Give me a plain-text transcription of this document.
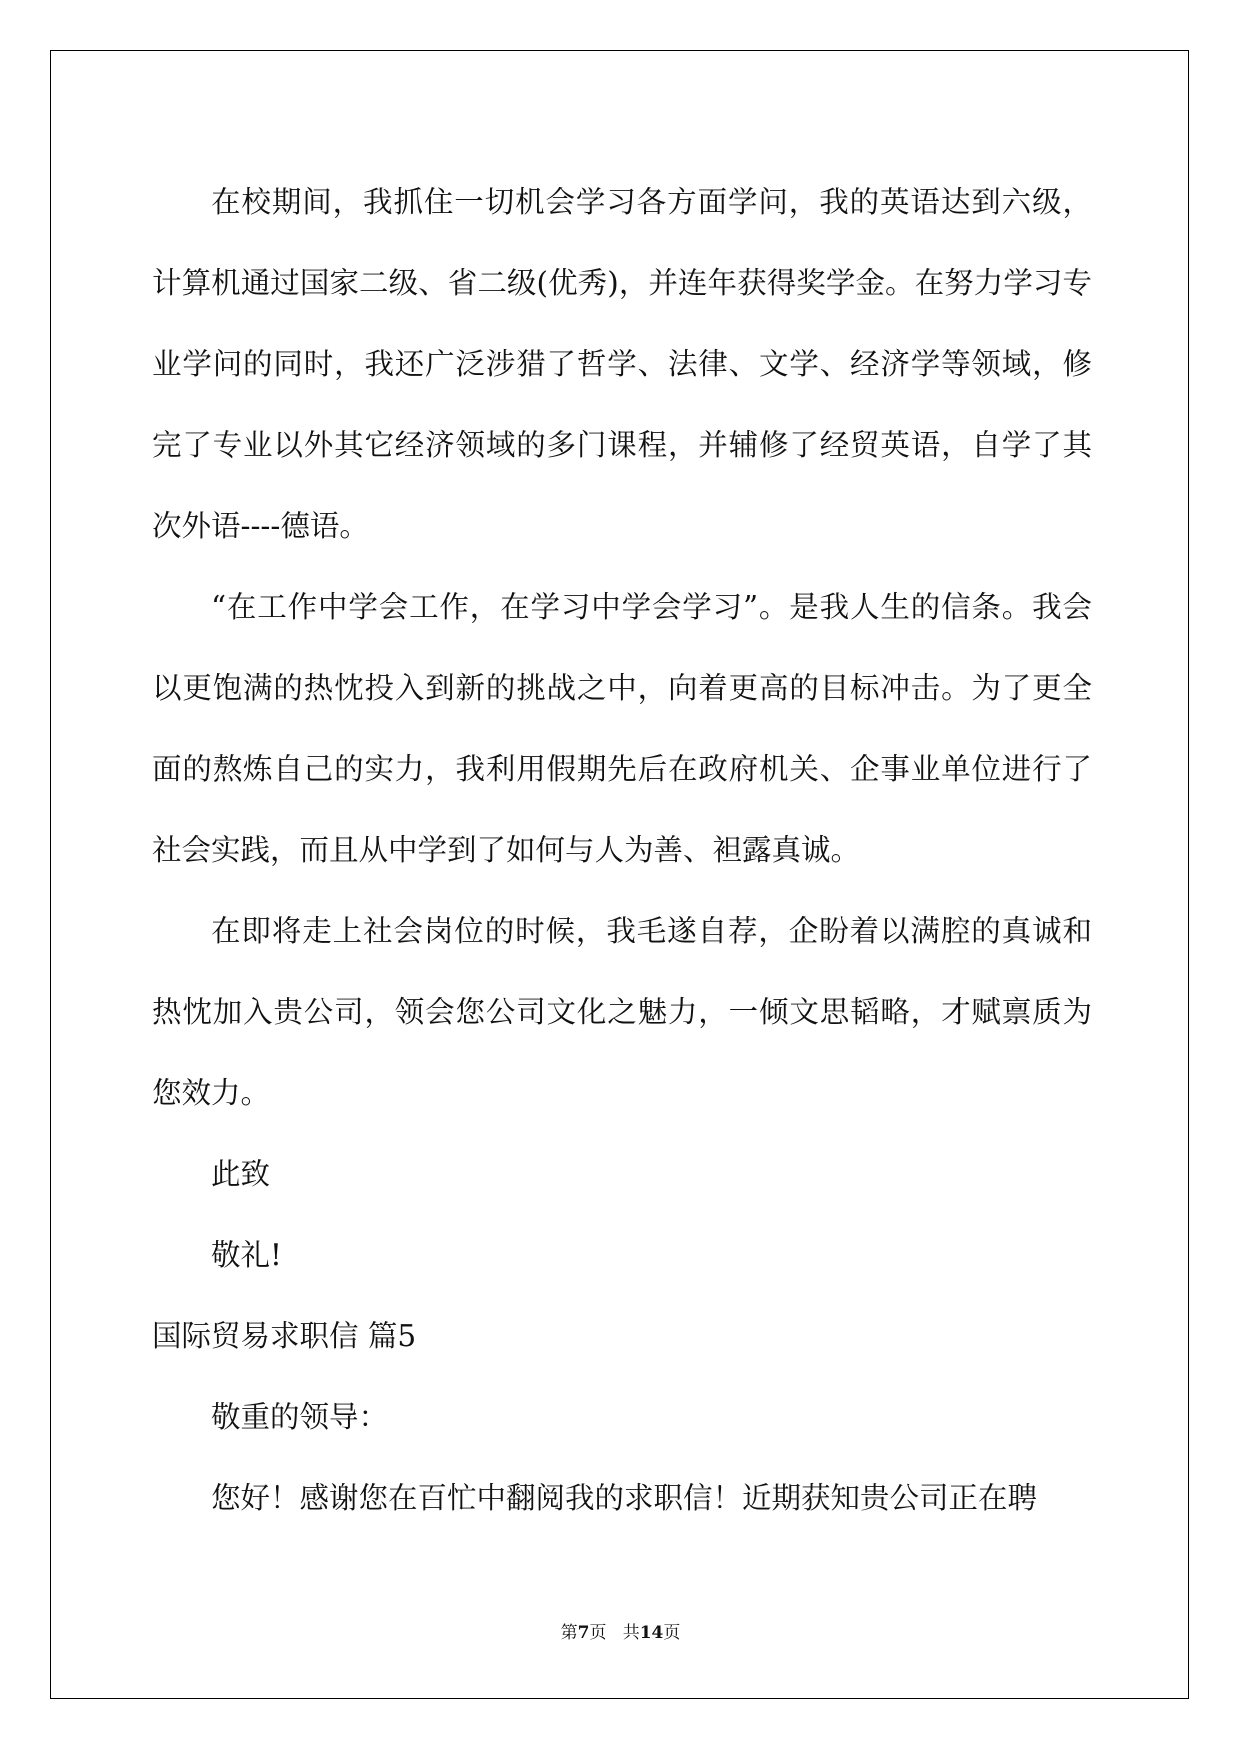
在校期间，我抓住一切机会学习各方面学问，我的英语达到六级，计算机通过国家二级、省二级(优秀)，并连年获得奖学金。在努力学习专业学问的同时，我还广泛涉猎了哲学、法律、文学、经济学等领域，修完了专业以外其它经济领域的多门课程，并辅修了经贸英语，自学了其次外语----德语。

“在工作中学会工作，在学习中学会学习”。是我人生的信条。我会以更饱满的热忱投入到新的挑战之中，向着更高的目标冲击。为了更全面的熬炼自己的实力，我利用假期先后在政府机关、企事业单位进行了社会实践，而且从中学到了如何与人为善、袒露真诚。

在即将走上社会岗位的时候，我毛遂自荐，企盼着以满腔的真诚和热忱加入贵公司，领会您公司文化之魅力，一倾文思韬略，才赋禀质为您效力。

此致

敬礼!

国际贸易求职信 篇5

敬重的领导：

您好！感谢您在百忙中翻阅我的求职信！近期获知贵公司正在聘

第7页 共14页
